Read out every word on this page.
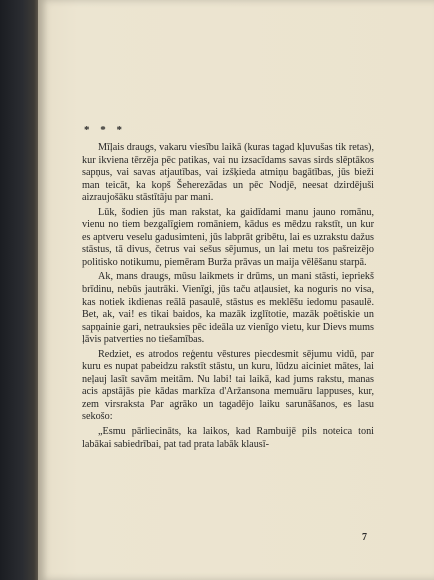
* * *

Mīļais draugs, vakaru viesību laikā (kuras tagad kļuvušas tik retas), kur ikviena tērzēja pēc patikas, vai nu izsacīdams savas sirds slēptākos sapņus, vai savas atjautības, vai izšķiedа atmiņu bagātības, jūs bieži man teicāt, ka kopš Šeherezādas un pēc Nodjē, neesat dzirdējuši aizraujošāku stāstītāju par mani.

Lūk, šodien jūs man rakstat, ka gaidīdami manu jauno romānu, vienu no tiem bezgalīgiem romāniem, kādus es mēdzu rakstīt, un kur es aptveru veselu gadusimteni, jūs labprāt gribētu, lai es uzrakstu dažus stāstus, tā divus, četrus vai sešus sējumus, un lai metu tos pašreizējo politisko notikumu, piemēram Burža prāvas un maija vēlēšanu starpā.

Ak, mans draugs, mūsu laikmets ir drūms, un mani stāsti, iepriekš brīdinu, nebūs jautrāki. Vienīgi, jūs taču atļausiet, ka noguris no visa, kas notiek ikdienas reālā pasaulē, stāstus es meklēšu iedomu pasaulē. Bet, ak, vai! es tikai baidos, ka mazāk izglītotie, mazāk poētiskie un sapņainie gari, netrauksies pēc ideāla uz vienīgo vietu, kur Dievs mums ļāvis patverties no tiešamības.

Redziet, es atrodos reģentu vēstures piecdesmit sējumu vidū, par kuru es nupat pabeidzu rakstīt stāstu, un kuru, lūdzu aiciniet mātes, lai neļauj lasīt savām meitām. Nu labi! tai laikā, kad jums rakstu, manas acis apstājās pie kādas markīza d'Aržansona memuāru lappuses, kur, zem virsraksta Par agrāko un tagadējo laiku sarunāšanos, es lasu sekošo:

„Esmu pārliecināts, ka laikos, kad Rambuijē pils noteica toni labākai sabiedrībai, pat tad prata labāk klausī-

7
